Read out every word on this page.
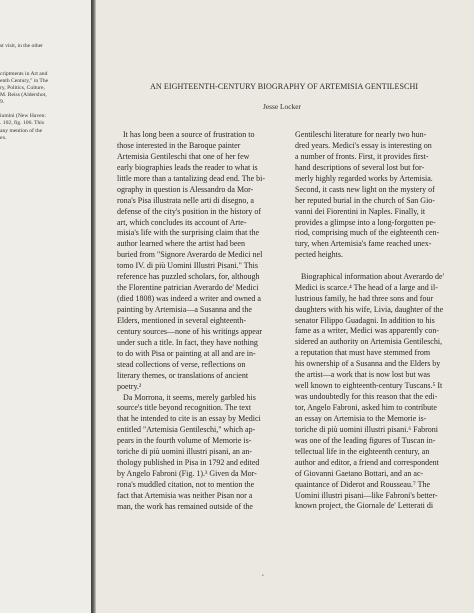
st visit, in the other
criptments in Art and
enth Century," in The
ry, Politics, Culture,
M. Reiss (Aldershot,
9.
iumini (New Haven:
. 102, fig. 106. This
any mention of the
ex.
AN EIGHTEENTH-CENTURY BIOGRAPHY OF ARTEMISIA GENTILESCHI
Jesse Locker
It has long been a source of frustration to
those interested in the Baroque painter
Artemisia Gentileschi that one of her few
early biographies leads the reader to what is
little more than a tantalizing dead end. The bi-
ography in question is Alessandro da Mor-
rona's Pisa illustrata nelle arti di disegno, a
defense of the city's position in the history of
art, which concludes its account of Arte-
misia's life with the surprising claim that the
author learned where the artist had been
buried from "Signore Averardo de Medici nel
tomo IV. di più Uomini Illustri Pisani." This
reference has puzzled scholars, for, although
the Florentine patrician Averardo de' Medici
(died 1808) was indeed a writer and owned a
painting by Artemisia—a Susanna and the
Elders, mentioned in several eighteenth-
century sources—none of his writings appear
under such a title. In fact, they have nothing
to do with Pisa or painting at all and are in-
stead collections of verse, reflections on
literary themes, or translations of ancient
poetry.²
Da Morrona, it seems, merely garbled his
source's title beyond recognition. The text
that he intended to cite is an essay by Medici
entitled "Artemisia Gentileschi," which ap-
pears in the fourth volume of Memorie is-
toriche di più uomini illustri pisani, an an-
thology published in Pisa in 1792 and edited
by Angelo Fabroni (Fig. 1).³ Given da Mor-
rona's muddled citation, not to mention the
fact that Artemisia was neither Pisan nor a
man, the work has remained outside of the
Gentileschi literature for nearly two hun-
dred years. Medici's essay is interesting on
a number of fronts. First, it provides first-
hand descriptions of several lost but for-
merly highly regarded works by Artemisia.
Second, it casts new light on the mystery of
her reputed burial in the church of San Gio-
vanni dei Fiorentini in Naples. Finally, it
provides a glimpse into a long-forgotten pe-
riod, comprising much of the eighteenth cen-
tury, when Artemisia's fame reached unex-
pected heights.
Biographical information about Averardo de'
Medici is scarce.⁴ The head of a large and il-
lustrious family, he had three sons and four
daughters with his wife, Livia, daughter of the
senator Filippo Guadagni. In addition to his
fame as a writer, Medici was apparently con-
sidered an authority on Artemisia Gentileschi,
a reputation that must have stemmed from
his ownership of a Susanna and the Elders by
the artist—a work that is now lost but was
well known to eighteenth-century Tuscans.⁵ It
was undoubtedly for this reason that the edi-
tor, Angelo Fabroni, asked him to contribute
an essay on Artemisia to the Memorie is-
toriche di più uomini illustri pisani.⁶ Fabroni
was one of the leading figures of Tuscan in-
tellectual life in the eighteenth century, an
author and editor, a friend and correspondent
of Giovanni Gaetano Bottari, and an ac-
quaintance of Diderot and Rousseau.⁷ The
Uomini illustri pisani—like Fabroni's better-
known project, the Giornale de' Letterati di
•
